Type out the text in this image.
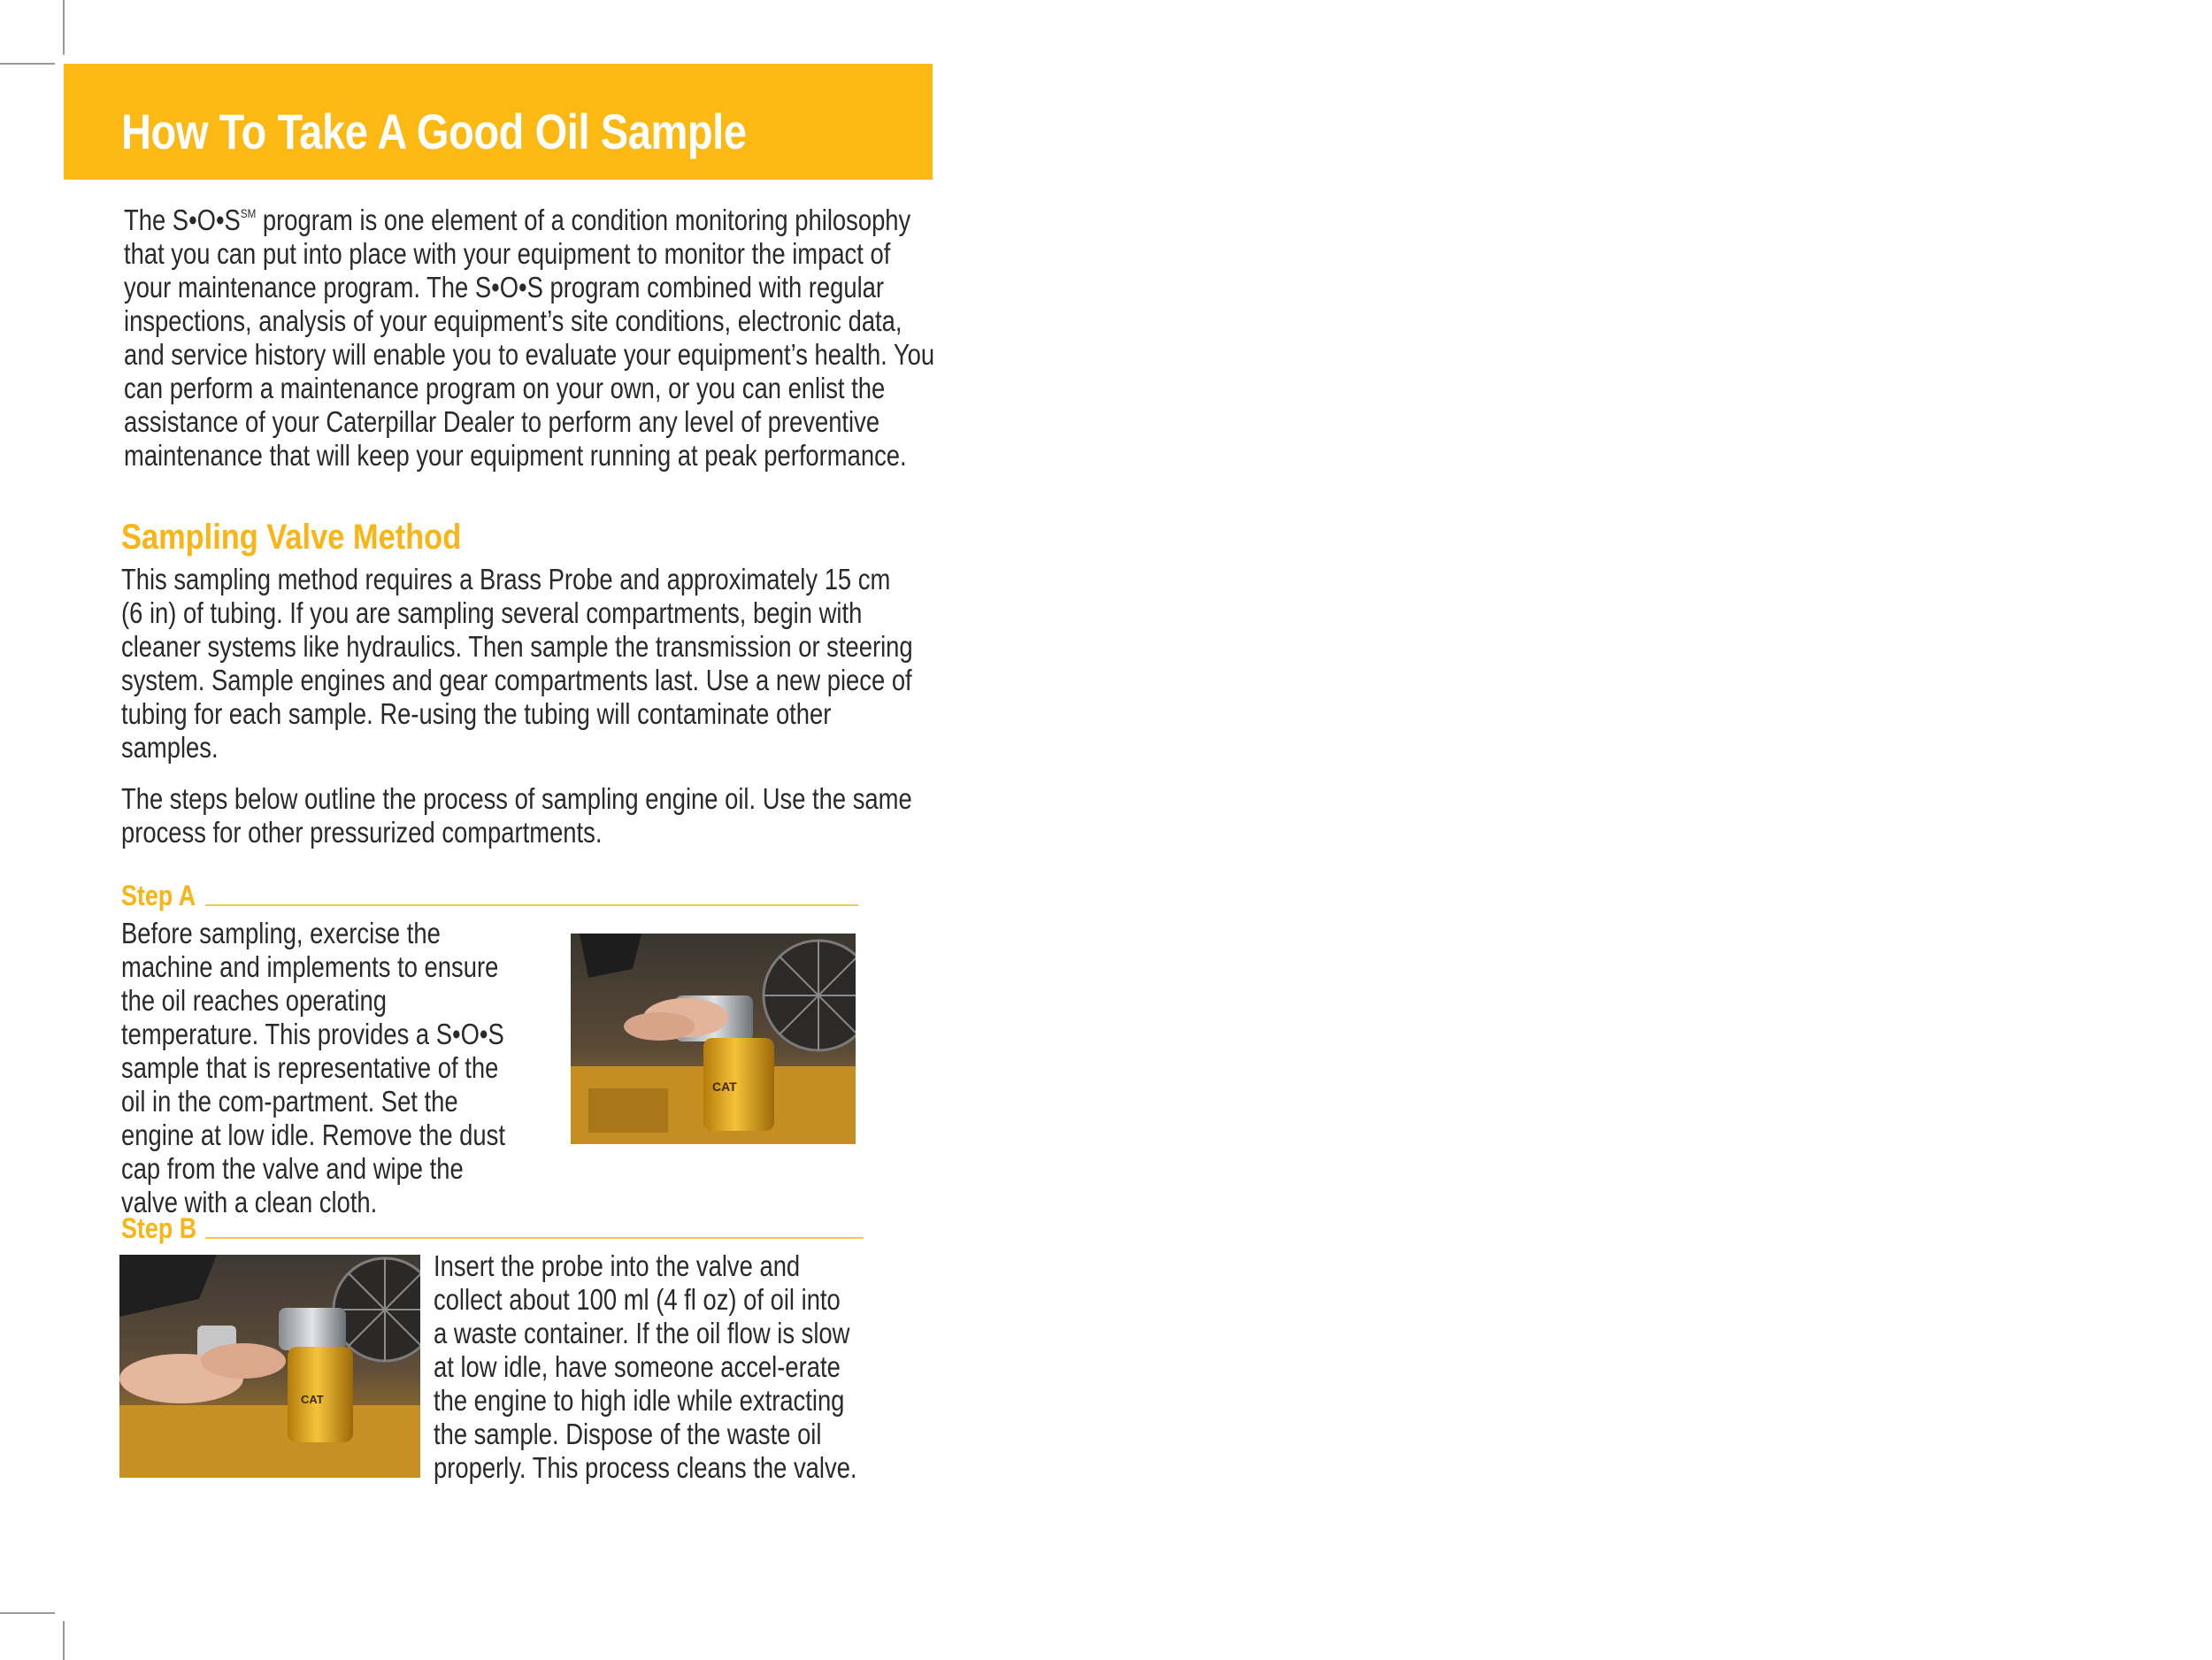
How To Take A Good Oil Sample

The S•O•S℠ program is one element of a condition monitoring philosophy that you can put into place with your equipment to monitor the impact of your maintenance program. The S•O•S program combined with regular inspections, analysis of your equipment’s site conditions, electronic data, and service history will enable you to evaluate your equipment’s health. You can perform a maintenance program on your own, or you can enlist the assistance of your Caterpillar Dealer to perform any level of preventive maintenance that will keep your equipment running at peak performance.

Sampling Valve Method

This sampling method requires a Brass Probe and approximately 15 cm (6 in) of tubing. If you are sampling several compartments, begin with cleaner systems like hydraulics. Then sample the transmission or steering system. Sample engines and gear compartments last. Use a new piece of tubing for each sample. Re-using the tubing will contaminate other samples.

The steps below outline the process of sampling engine oil. Use the same process for other pressurized compartments.

Step A

Before sampling, exercise the machine and implements to ensure the oil reaches operating temperature. This provides a S•O•S sample that is representative of the oil in the com-partment. Set the engine at low idle. Remove the dust cap from the valve and wipe the valve with a clean cloth.

CAT
Step B
CAT

Insert the probe into the valve and collect about 100 ml (4 fl oz) of oil into a waste container. If the oil flow is slow at low idle, have someone accel-erate the engine to high idle while extracting the sample. Dispose of the waste oil properly. This process cleans the valve.
